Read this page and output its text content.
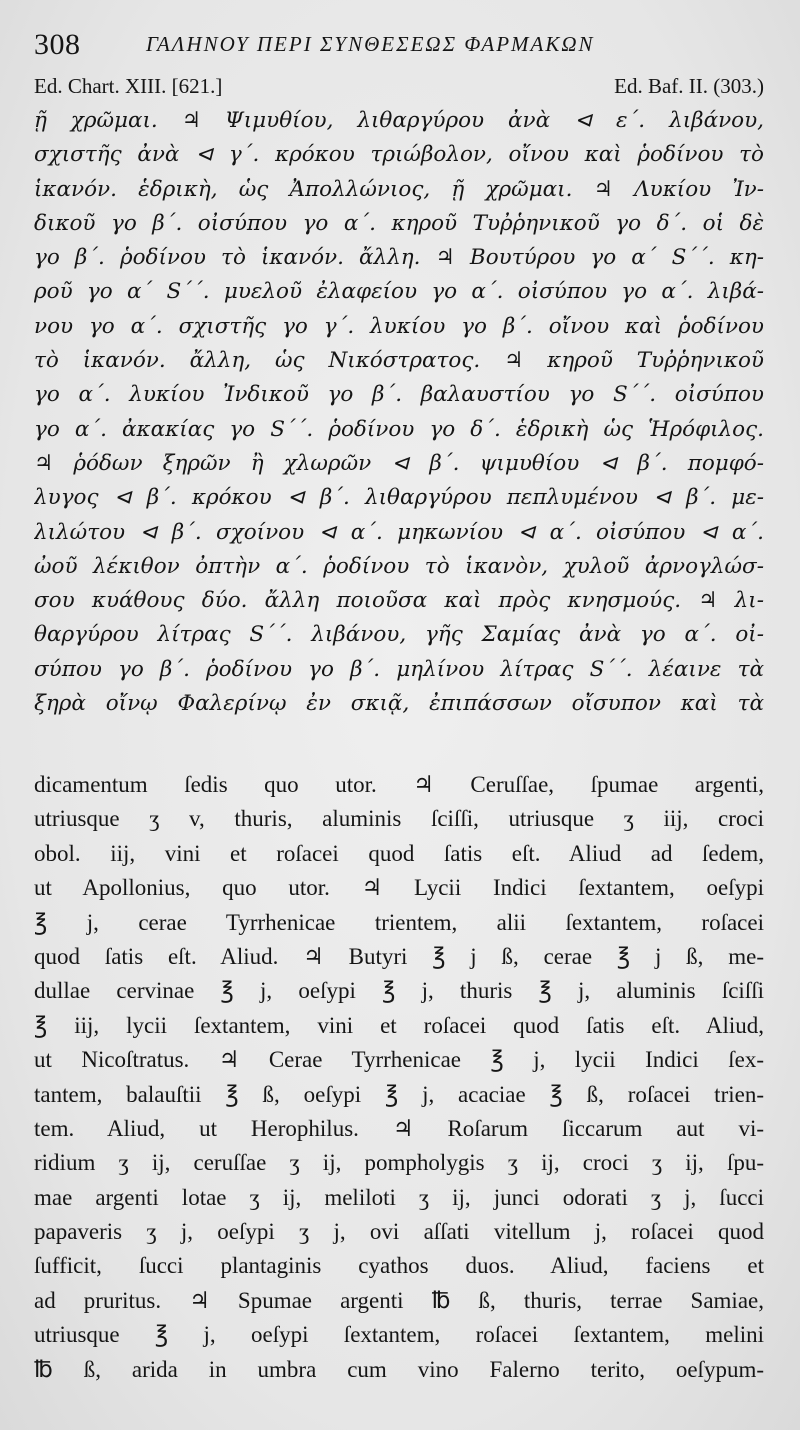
308	ΓΑΛΗΝΟΥ ΠΕΡΙ ΣΥΝΘΕΣΕΩΣ ΦΑΡΜΑΚΩΝ
Ed. Chart. XIII. [621.]	Ed. Baf. II. (303.)
ῇ χρῶμαι. ♃ Ψιμυθίου, λιθαργύρου ἀνὰ ⊲ ε΄. λιβάνου,
σχιστῆς ἀνὰ ⊲ γ΄. κρόκου τριώβολον, οἴνου καὶ ῥοδίνου τὸ
ἱκανόν. ἑδρικὴ, ὡς Ἀπολλώνιος, ῇ χρῶμαι. ♃ Λυκίου Ἰν-
δικοῦ γο β΄. οἰσύπου γο α΄. κηροῦ Τυῤῥηνικοῦ γο δ΄. οἱ δὲ
γο β΄. ῥοδίνου τὸ ἱκανόν. ἄλλη. ♃ Βουτύρου γο α΄ S΄΄. κη-
ροῦ γο α΄ S΄΄. μυελοῦ ἐλαφείου γο α΄. οἰσύπου γο α΄. λιβά-
νου γο α΄. σχιστῆς γο γ΄. λυκίου γο β΄. οἴνου καὶ ῥοδίνου
τὸ ἱκανόν. ἄλλη, ὡς Νικόστρατος. ♃ κηροῦ Τυῤῥηνικοῦ
γο α΄. λυκίου Ἰνδικοῦ γο β΄. βαλαυστίου γο S΄΄. οἰσύπου
γο α΄. ἀκακίας γο S΄΄. ῥοδίνου γο δ΄. ἑδρικὴ ὡς Ἡρόφιλος.
♃ ῥόδων ξηρῶν ἢ χλωρῶν ⊲ β΄. ψιμυθίου ⊲ β΄. πομφό-
λυγος ⊲ β΄. κρόκου ⊲ β΄. λιθαργύρου πεπλυμένου ⊲ β΄. με-
λιλώτου ⊲ β΄. σχοίνου ⊲ α΄. μηκωνίου ⊲ α΄. οἰσύπου ⊲ α΄.
ὠοῦ λέκιθον ὀπτὴν α΄. ῥοδίνου τὸ ἱκανὸν, χυλοῦ ἀρνογλώσ-
σου κυάθους δύο. ἄλλη ποιοῦσα καὶ πρὸς κνησμούς. ♃ λι-
θαργύρου λίτρας S΄΄. λιβάνου, γῆς Σαμίας ἀνὰ γο α΄. οἰ-
σύπου γο β΄. ῥοδίνου γο β΄. μηλίνου λίτρας S΄΄. λέαινε τὰ
ξηρὰ οἴνῳ Φαλερίνῳ ἐν σκιᾷ, ἐπιπάσσων οἴσυπον καὶ τὰ
dicamentum ſedis quo utor. ♃ Ceruſſae, ſpumae argenti,
utriusque ʒ v, thuris, aluminis ſciſſi, utriusque ʒ iij, croci
obol. iij, vini et roſacei quod ſatis eſt. Aliud ad ſedem,
ut Apollonius, quo utor. ♃ Lycii Indici ſextantem, oeſypi
℥ j, cerae Tyrrhenicae trientem, alii ſextantem, roſacei
quod ſatis eſt. Aliud. ♃ Butyri ℥ j ß, cerae ℥ j ß, me-
dullae cervinae ℥ j, oeſypi ℥ j, thuris ℥ j, aluminis ſciſſi
℥ iij, lycii ſextantem, vini et roſacei quod ſatis eſt. Aliud,
ut Nicoſtratus. ♃ Cerae Tyrrhenicae ℥ j, lycii Indici ſex-
tantem, balauſtii ℥ ß, oeſypi ℥ j, acaciae ℥ ß, roſacei trien-
tem. Aliud, ut Herophilus. ♃ Roſarum ſiccarum aut vi-
ridium ʒ ij, ceruſſae ʒ ij, pompholygis ʒ ij, croci ʒ ij, ſpu-
mae argenti lotae ʒ ij, meliloti ʒ ij, junci odorati ʒ j, ſucci
papaveris ʒ j, oeſypi ʒ j, ovi aſſati vitellum j, roſacei quod
ſufficit, ſucci plantaginis cyathos duos. Aliud, faciens et
ad pruritus. ♃ Spumae argenti ℔ ß, thuris, terrae Samiae,
utriusque ℥ j, oeſypi ſextantem, roſacei ſextantem, melini
℔ ß, arida in umbra cum vino Falerno terito, oeſypum-
